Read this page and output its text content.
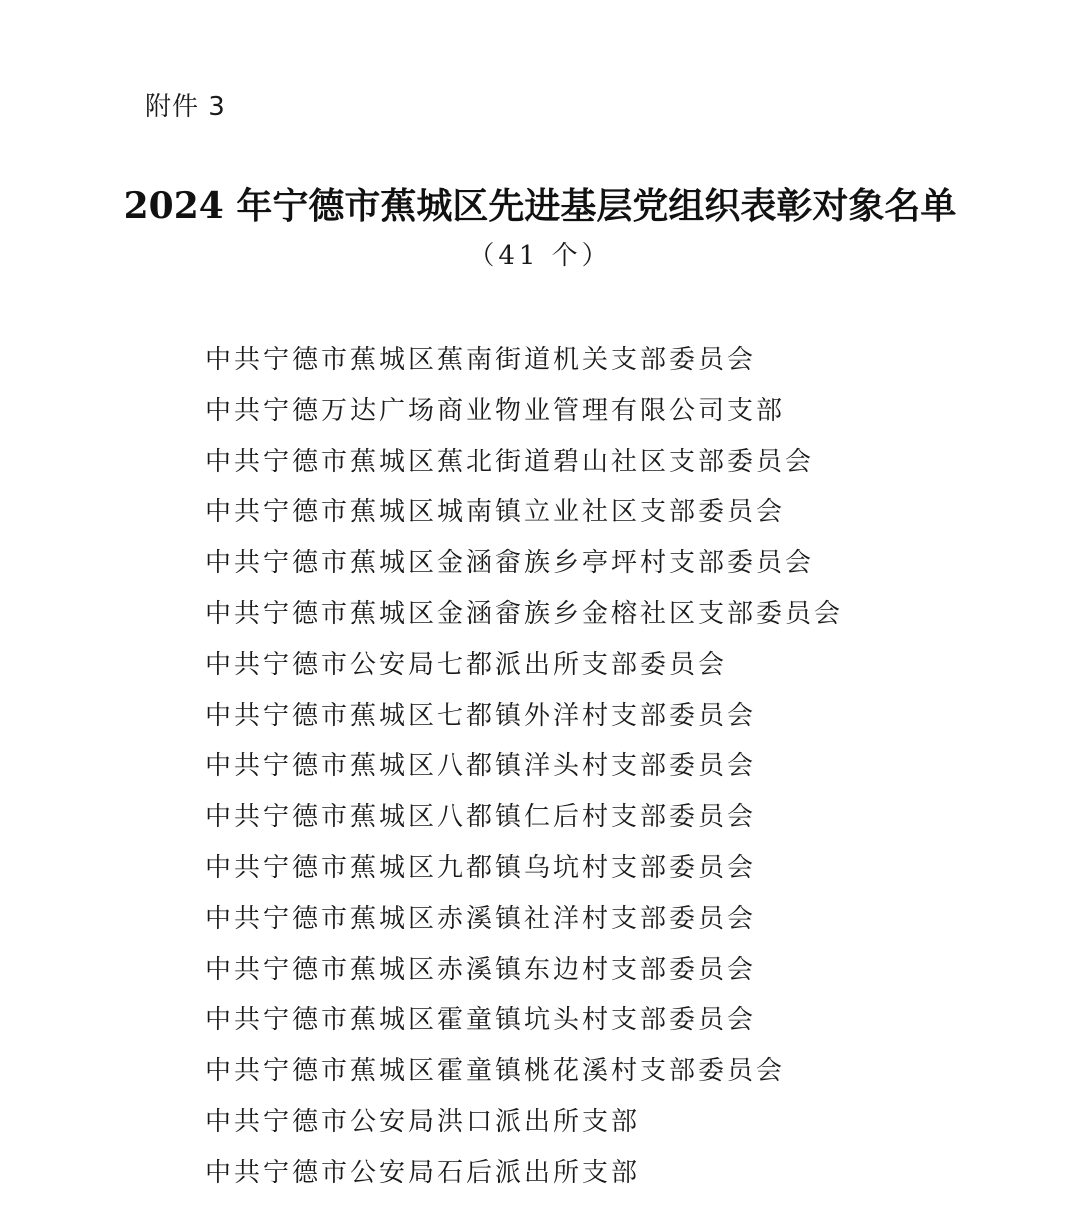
附件 3
2024 年宁德市蕉城区先进基层党组织表彰对象名单
（41 个）
中共宁德市蕉城区蕉南街道机关支部委员会
中共宁德万达广场商业物业管理有限公司支部
中共宁德市蕉城区蕉北街道碧山社区支部委员会
中共宁德市蕉城区城南镇立业社区支部委员会
中共宁德市蕉城区金涵畲族乡亭坪村支部委员会
中共宁德市蕉城区金涵畲族乡金榕社区支部委员会
中共宁德市公安局七都派出所支部委员会
中共宁德市蕉城区七都镇外洋村支部委员会
中共宁德市蕉城区八都镇洋头村支部委员会
中共宁德市蕉城区八都镇仁后村支部委员会
中共宁德市蕉城区九都镇乌坑村支部委员会
中共宁德市蕉城区赤溪镇社洋村支部委员会
中共宁德市蕉城区赤溪镇东边村支部委员会
中共宁德市蕉城区霍童镇坑头村支部委员会
中共宁德市蕉城区霍童镇桃花溪村支部委员会
中共宁德市公安局洪口派出所支部
中共宁德市公安局石后派出所支部
